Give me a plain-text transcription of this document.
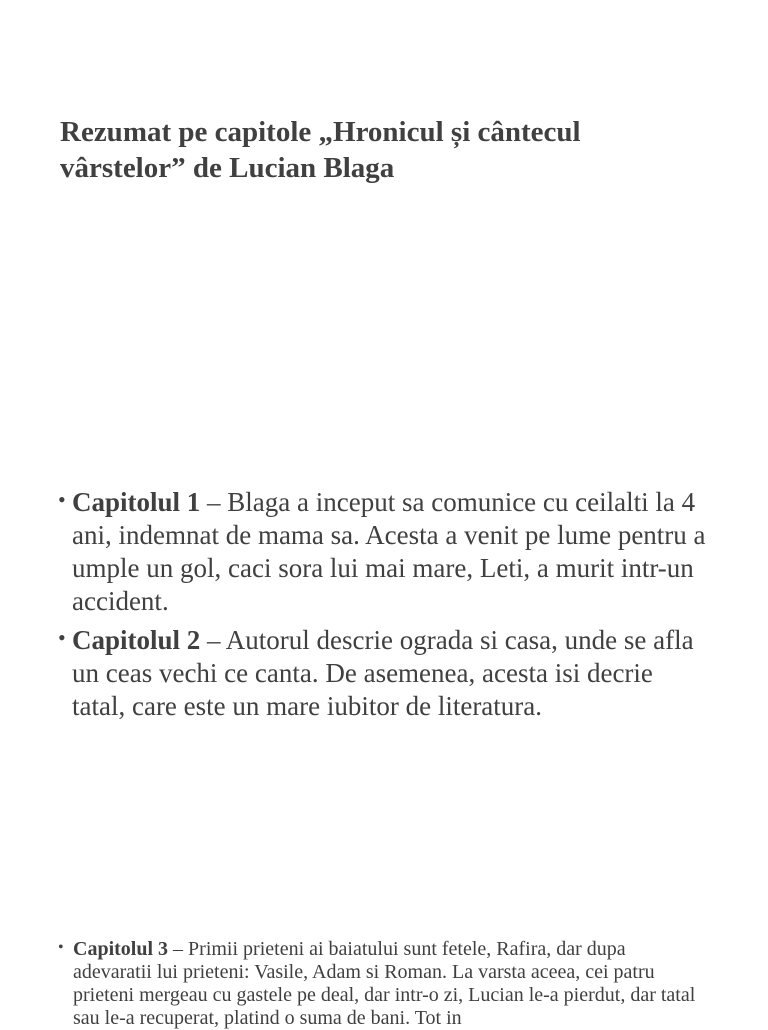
Rezumat pe capitole „Hronicul și cântecul
vârstelor” de Lucian Blaga
• Capitolul 1 – Blaga a inceput sa comunice cu ceilalti la 4 ani, indemnat de mama sa. Acesta a venit pe lume pentru a umple un gol, caci sora lui mai mare, Leti, a murit intr-un accident.
• Capitolul 2 – Autorul descrie ograda si casa, unde se afla un ceas vechi ce canta. De asemenea, acesta isi decrie tatal, care este un mare iubitor de literatura.
• Capitolul 3 – Primii prieteni ai baiatului sunt fetele, Rafira, dar dupa adevaratii lui prieteni: Vasile, Adam si Roman. La varsta aceea, cei patru prieteni mergeau cu gastele pe deal, dar intr-o zi, Lucian le-a pierdut, dar tatal sau le-a recuperat, platind o suma de bani. Tot in
